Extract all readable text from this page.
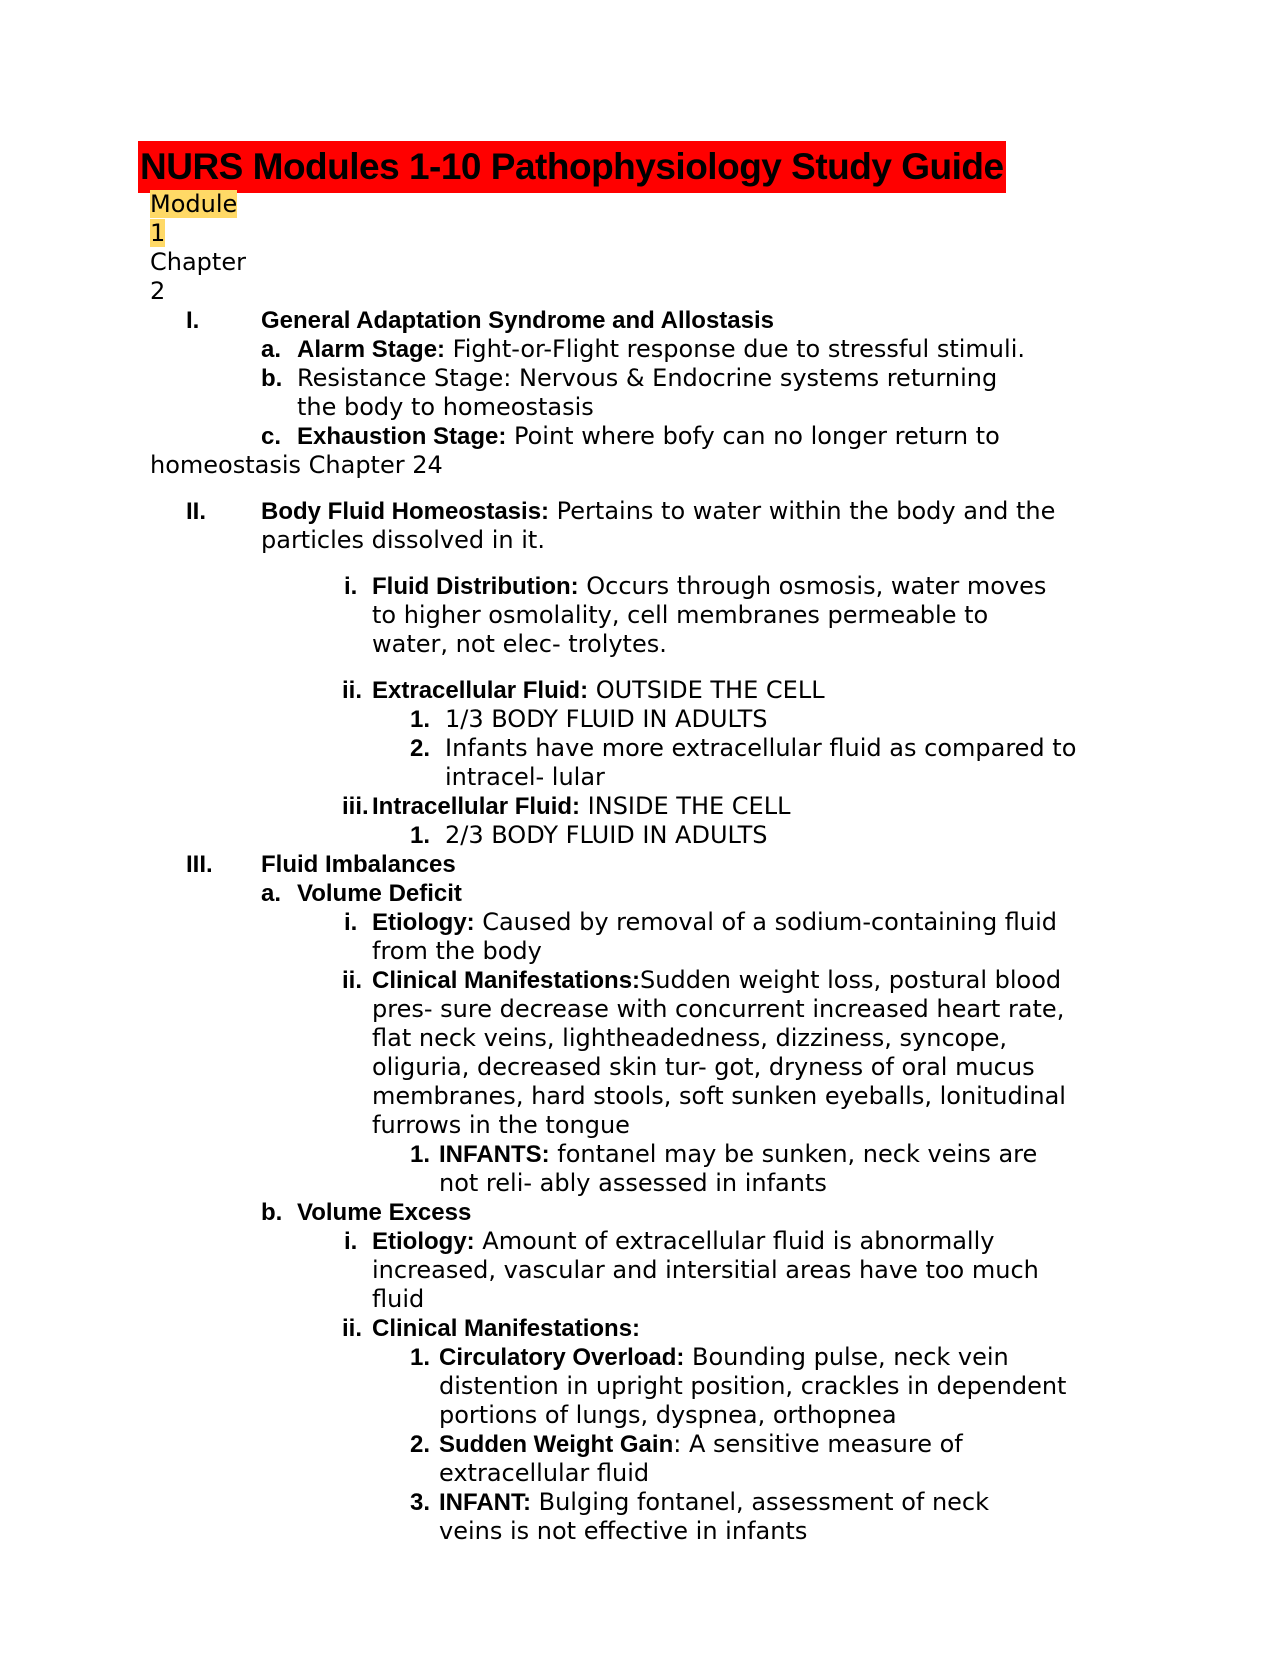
NURS Modules 1-10 Pathophysiology Study Guide
Module
1
Chapter
2
I.	General Adaptation Syndrome and Allostasis
a. Alarm Stage: Fight-or-Flight response due to stressful stimuli.
b. Resistance Stage: Nervous & Endocrine systems returning
the body to homeostasis
c. Exhaustion Stage: Point where bofy can no longer return to
homeostasis Chapter 24
II. Body Fluid Homeostasis: Pertains to water within the body and the
particles dissolved in it.
i. Fluid Distribution: Occurs through osmosis, water moves
to higher osmolality, cell membranes permeable to
water, not elec- trolytes.
ii. Extracellular Fluid: OUTSIDE THE CELL
1. 1/3 BODY FLUID IN ADULTS
2. Infants have more extracellular fluid as compared to
intracel- lular
iii. Intracellular Fluid: INSIDE THE CELL
1. 2/3 BODY FLUID IN ADULTS
III. Fluid Imbalances
a. Volume Deficit
i. Etiology: Caused by removal of a sodium-containing fluid
from the body
ii. Clinical Manifestations:Sudden weight loss, postural blood
pres- sure decrease with concurrent increased heart rate,
flat neck veins, lightheadedness, dizziness, syncope,
oliguria, decreased skin tur- got, dryness of oral mucus
membranes, hard stools, soft sunken eyeballs, lonitudinal
furrows in the tongue
1. INFANTS: fontanel may be sunken, neck veins are
not reli- ably assessed in infants
b. Volume Excess
i. Etiology: Amount of extracellular fluid is abnormally
increased, vascular and intersitial areas have too much
fluid
ii. Clinical Manifestations:
1. Circulatory Overload: Bounding pulse, neck vein
distention in upright position, crackles in dependent
portions of lungs, dyspnea, orthopnea
2. Sudden Weight Gain: A sensitive measure of
extracellular fluid
3. INFANT: Bulging fontanel, assessment of neck
veins is not effective in infants
